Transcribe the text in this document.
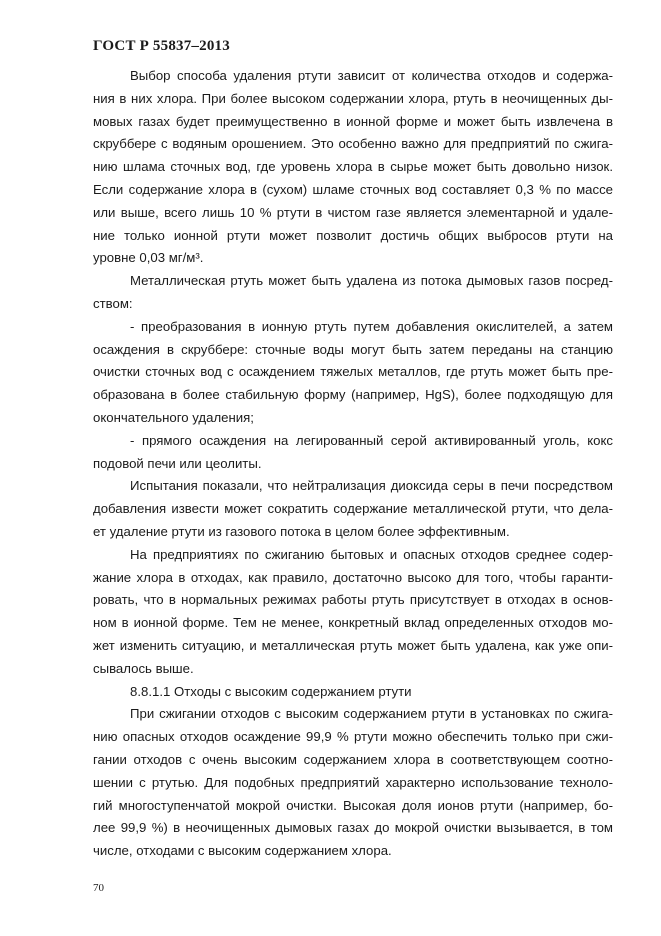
ГОСТ Р 55837–2013
Выбор способа удаления ртути зависит от количества отходов и содержа-
ния в них хлора. При более высоком содержании хлора, ртуть в неочищенных ды-
мовых газах будет преимущественно в ионной форме и может быть извлечена в
скруббере с водяным орошением. Это особенно важно для предприятий по сжига-
нию шлама сточных вод, где уровень хлора в сырье может быть довольно низок.
Если содержание хлора в (сухом) шламе сточных вод составляет 0,3 % по массе
или выше, всего лишь 10 % ртути в чистом газе является элементарной и удале-
ние только ионной ртути может позволит достичь общих выбросов ртути на
уровне 0,03 мг/м³.
Металлическая ртуть может быть удалена из потока дымовых газов посред-
ством:
- преобразования в ионную ртуть путем добавления окислителей, а затем
осаждения в скруббере: сточные воды могут быть затем переданы на станцию
очистки сточных вод с осаждением тяжелых металлов, где ртуть может быть пре-
образована в более стабильную форму (например, HgS), более подходящую для
окончательного удаления;
- прямого осаждения на легированный серой активированный уголь, кокс
подовой печи или цеолиты.
Испытания показали, что нейтрализация диоксида серы в печи посредством
добавления извести может сократить содержание металлической ртути, что дела-
ет удаление ртути из газового потока в целом более эффективным.
На предприятиях по сжиганию бытовых и опасных отходов среднее содер-
жание хлора в отходах, как правило, достаточно высоко для того, чтобы гаранти-
ровать, что в нормальных режимах работы ртуть присутствует в отходах в основ-
ном в ионной форме. Тем не менее, конкретный вклад определенных отходов мо-
жет изменить ситуацию, и металлическая ртуть может быть удалена, как уже опи-
сывалось выше.
8.8.1.1 Отходы с высоким содержанием ртути
При сжигании отходов с высоким содержанием ртути в установках по сжига-
нию опасных отходов осаждение 99,9 % ртути можно обеспечить только при сжи-
гании отходов с очень высоким содержанием хлора в соответствующем соотно-
шении с ртутью. Для подобных предприятий характерно использование техноло-
гий многоступенчатой мокрой очистки. Высокая доля ионов ртути (например, бо-
лее 99,9 %) в неочищенных дымовых газах до мокрой очистки вызывается, в том
числе, отходами с высоким содержанием хлора.
70
